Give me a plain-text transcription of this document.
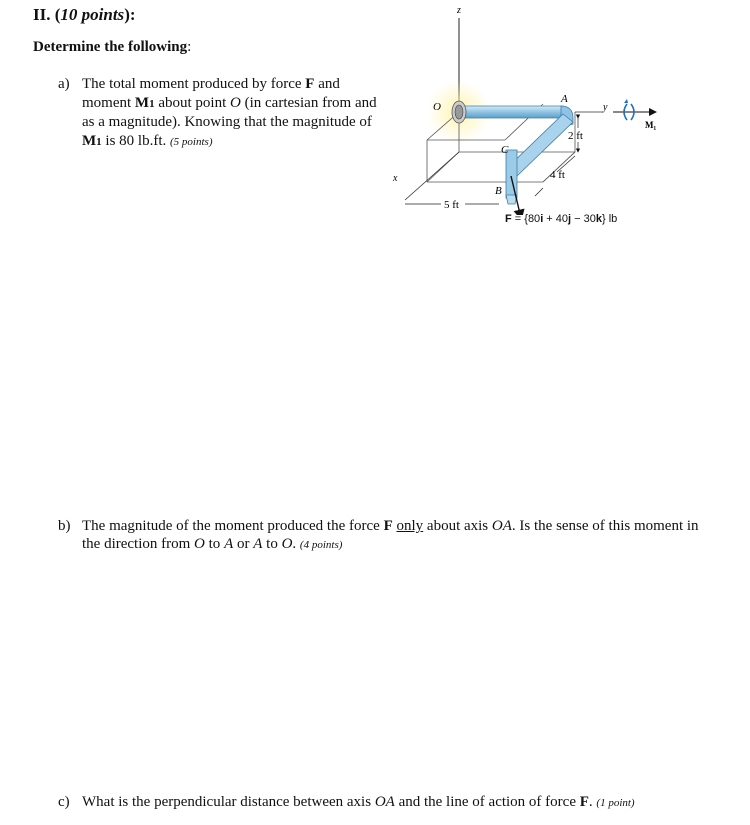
II. (10 points):
Determine the following:
a) The total moment produced by force F and moment M1 about point O (in cartesian from and as a magnitude). Knowing that the magnitude of M1 is 80 lb.ft. (5 points)
z
x
y
O
A
C
B
2 ft
4 ft
5 ft
M₁
F = {80i + 40j − 30k} lb
b) The magnitude of the moment produced the force F only about axis OA. Is the sense of this moment in the direction from O to A or A to O. (4 points)
c) What is the perpendicular distance between axis OA and the line of action of force F. (1 point)
